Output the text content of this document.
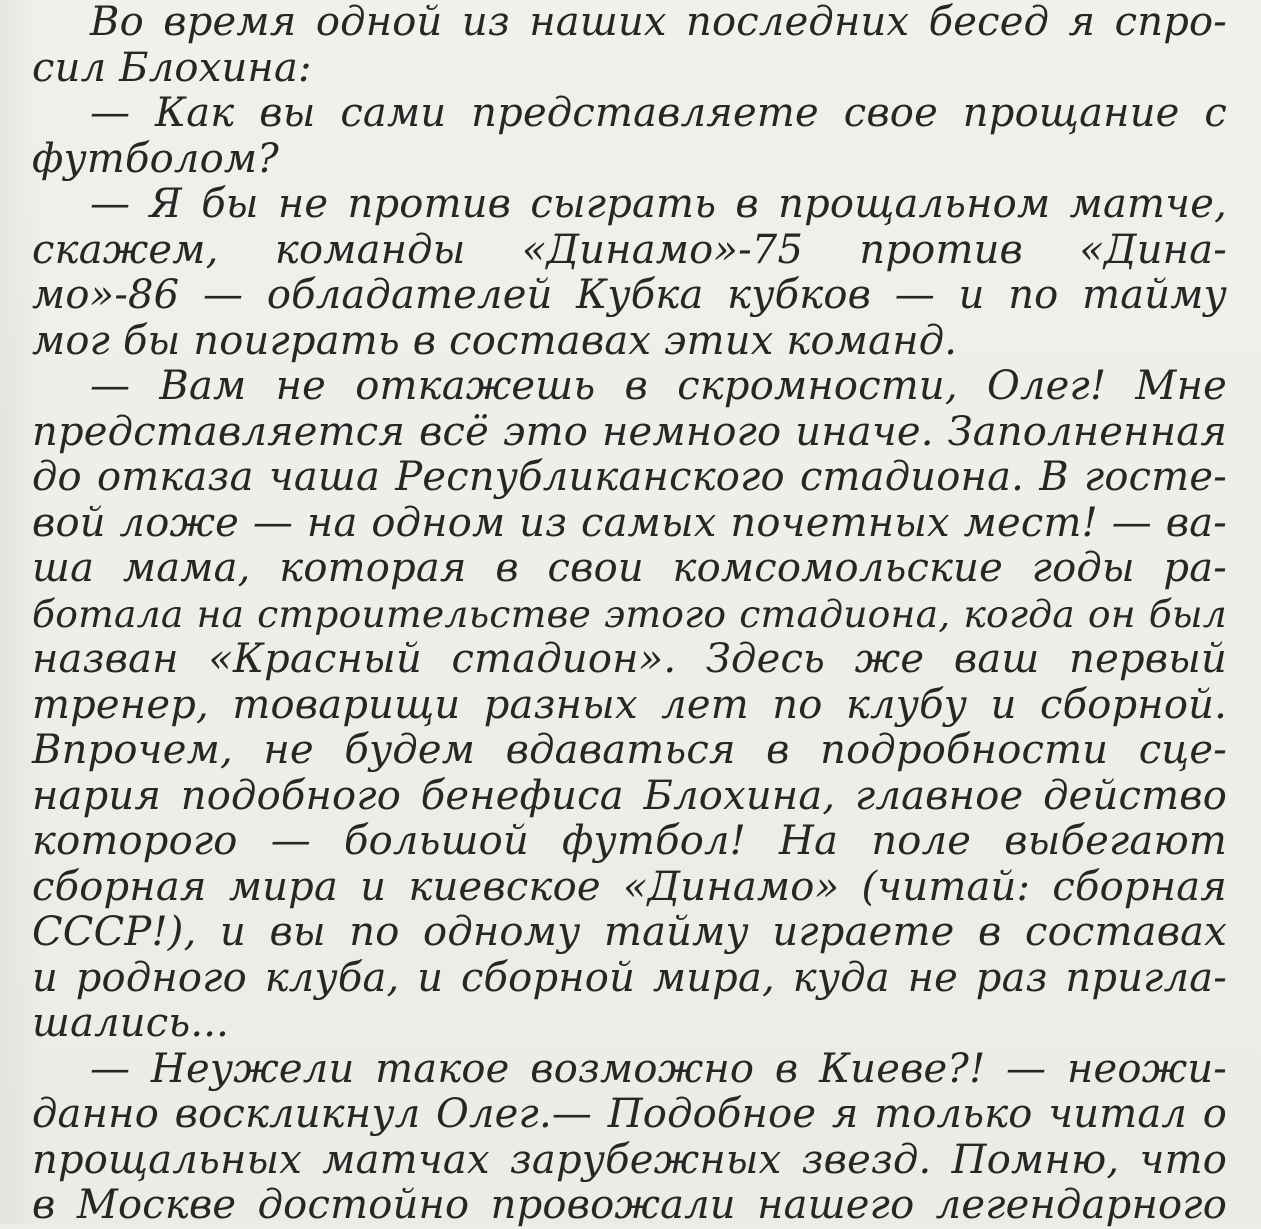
Во время одной из наших последних бесед я спро-
сил Блохина:
— Как вы сами представляете свое прощание с
футболом?
— Я бы не против сыграть в прощальном матче,
скажем, команды «Динамо»-75 против «Дина-
мо»-86 — обладателей Кубка кубков — и по тайму
мог бы поиграть в составах этих команд.
— Вам не откажешь в скромности, Олег! Мне
представляется всё это немного иначе. Заполненная
до отказа чаша Республиканского стадиона. В госте-
вой ложе — на одном из самых почетных мест! — ва-
ша мама, которая в свои комсомольские годы ра-
ботала на строительстве этого стадиона, когда он был
назван «Красный стадион». Здесь же ваш первый
тренер, товарищи разных лет по клубу и сборной.
Впрочем, не будем вдаваться в подробности сце-
нария подобного бенефиса Блохина, главное действо
которого — большой футбол! На поле выбегают
сборная мира и киевское «Динамо» (читай: сборная
СССР!), и вы по одному тайму играете в составах
и родного клуба, и сборной мира, куда не раз пригла-
шались...
— Неужели такое возможно в Киеве?! — неожи-
данно воскликнул Олег.— Подобное я только читал о
прощальных матчах зарубежных звезд. Помню, что
в Москве достойно провожали нашего легендарного
